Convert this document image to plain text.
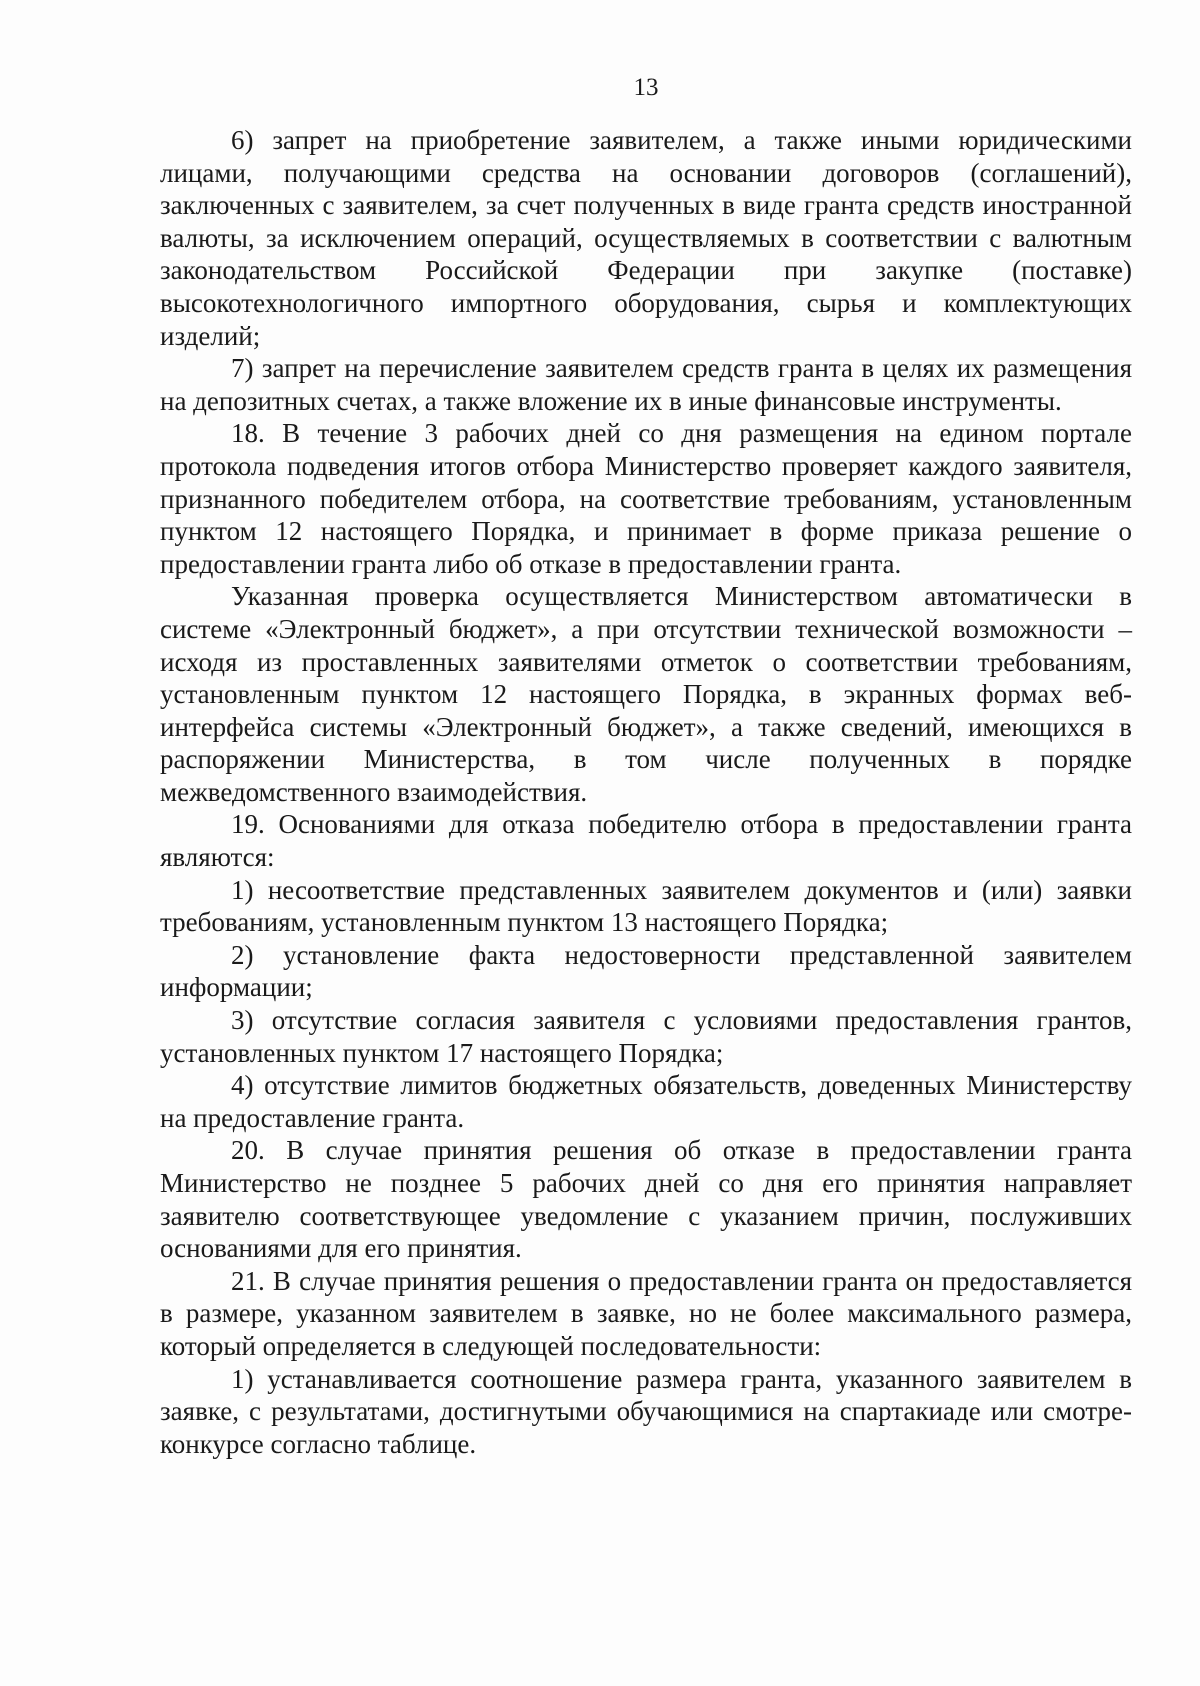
13

6) запрет на приобретение заявителем, а также иными юридическими лицами, получающими средства на основании договоров (соглашений), заключенных с заявителем, за счет полученных в виде гранта средств иностранной валюты, за исключением операций, осуществляемых в соответствии с валютным законодательством Российской Федерации при закупке (поставке) высокотехнологичного импортного оборудования, сырья и комплектующих изделий;

7) запрет на перечисление заявителем средств гранта в целях их размещения на депозитных счетах, а также вложение их в иные финансовые инструменты.

18. В течение 3 рабочих дней со дня размещения на едином портале протокола подведения итогов отбора Министерство проверяет каждого заявителя, признанного победителем отбора, на соответствие требованиям, установленным пунктом 12 настоящего Порядка, и принимает в форме приказа решение о предоставлении гранта либо об отказе в предоставлении гранта.

Указанная проверка осуществляется Министерством автоматически в системе «Электронный бюджет», а при отсутствии технической возможности – исходя из проставленных заявителями отметок о соответствии требованиям, установленным пунктом 12 настоящего Порядка, в экранных формах веб-интерфейса системы «Электронный бюджет», а также сведений, имеющихся в распоряжении Министерства, в том числе полученных в порядке межведомственного взаимодействия.

19. Основаниями для отказа победителю отбора в предоставлении гранта являются:

1) несоответствие представленных заявителем документов и (или) заявки требованиям, установленным пунктом 13 настоящего Порядка;

2) установление факта недостоверности представленной заявителем информации;

3) отсутствие согласия заявителя с условиями предоставления грантов, установленных пунктом 17 настоящего Порядка;

4) отсутствие лимитов бюджетных обязательств, доведенных Министерству на предоставление гранта.

20. В случае принятия решения об отказе в предоставлении гранта Министерство не позднее 5 рабочих дней со дня его принятия направляет заявителю соответствующее уведомление с указанием причин, послуживших основаниями для его принятия.

21. В случае принятия решения о предоставлении гранта он предоставляется в размере, указанном заявителем в заявке, но не более максимального размера, который определяется в следующей последовательности:

1) устанавливается соотношение размера гранта, указанного заявителем в заявке, с результатами, достигнутыми обучающимися на спартакиаде или смотре-конкурсе согласно таблице.
